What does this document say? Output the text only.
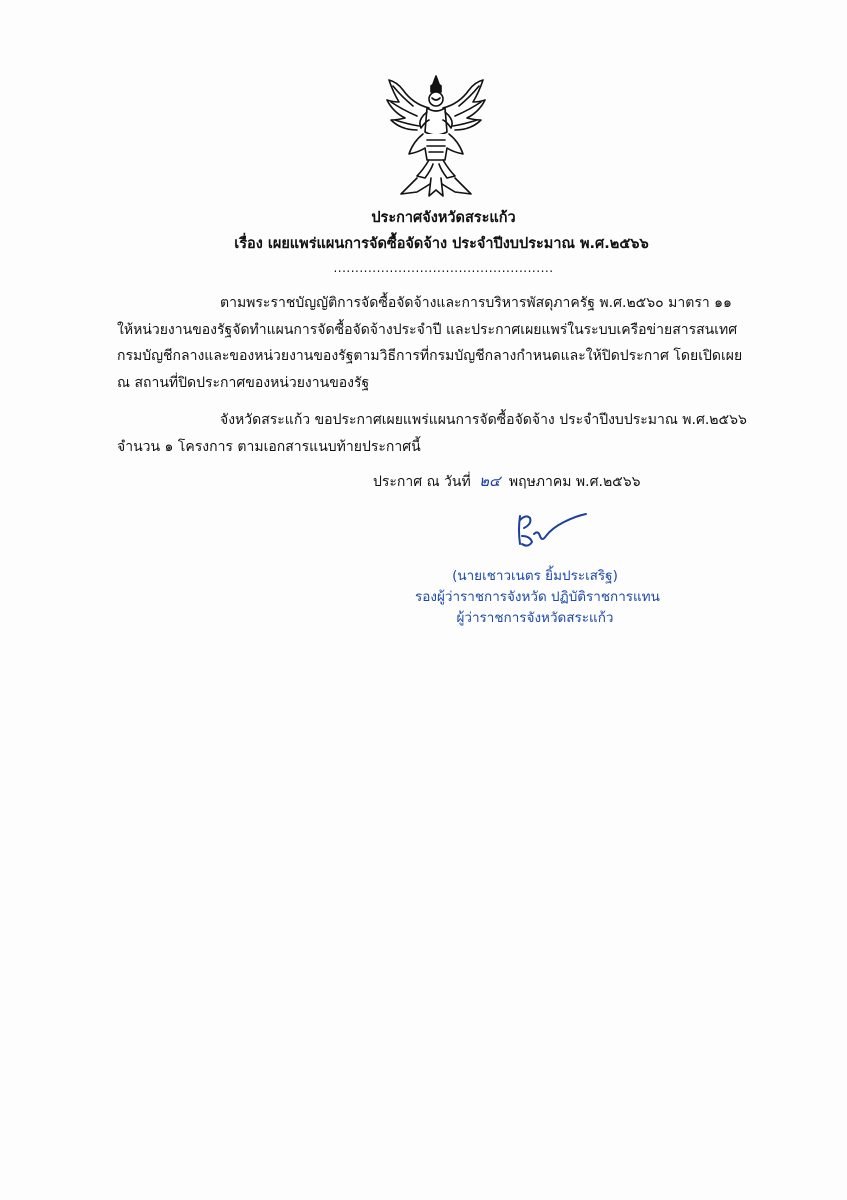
ประกาศจังหวัดสระแก้ว
เรื่อง เผยแพร่แผนการจัดซื้อจัดจ้าง ประจำปีงบประมาณ พ.ศ.๒๕๖๖
...................................................
ตามพระราชบัญญัติการจัดซื้อจัดจ้างและการบริหารพัสดุภาครัฐ พ.ศ.๒๕๖๐ มาตรา ๑๑
ให้หน่วยงานของรัฐจัดทำแผนการจัดซื้อจัดจ้างประจำปี และประกาศเผยแพร่ในระบบเครือข่ายสารสนเทศ
กรมบัญชีกลางและของหน่วยงานของรัฐตามวิธีการที่กรมบัญชีกลางกำหนดและให้ปิดประกาศ โดยเปิดเผย
ณ สถานที่ปิดประกาศของหน่วยงานของรัฐ
จังหวัดสระแก้ว ขอประกาศเผยแพร่แผนการจัดซื้อจัดจ้าง ประจำปีงบประมาณ พ.ศ.๒๕๖๖
จำนวน ๑ โครงการ ตามเอกสารแนบท้ายประกาศนี้
ประกาศ ณ วันที่ ๒๔ พฤษภาคม พ.ศ.๒๕๖๖
(นายเชาวเนตร ยิ้มประเสริฐ)
รองผู้ว่าราชการจังหวัด ปฏิบัติราชการแทน
ผู้ว่าราชการจังหวัดสระแก้ว
